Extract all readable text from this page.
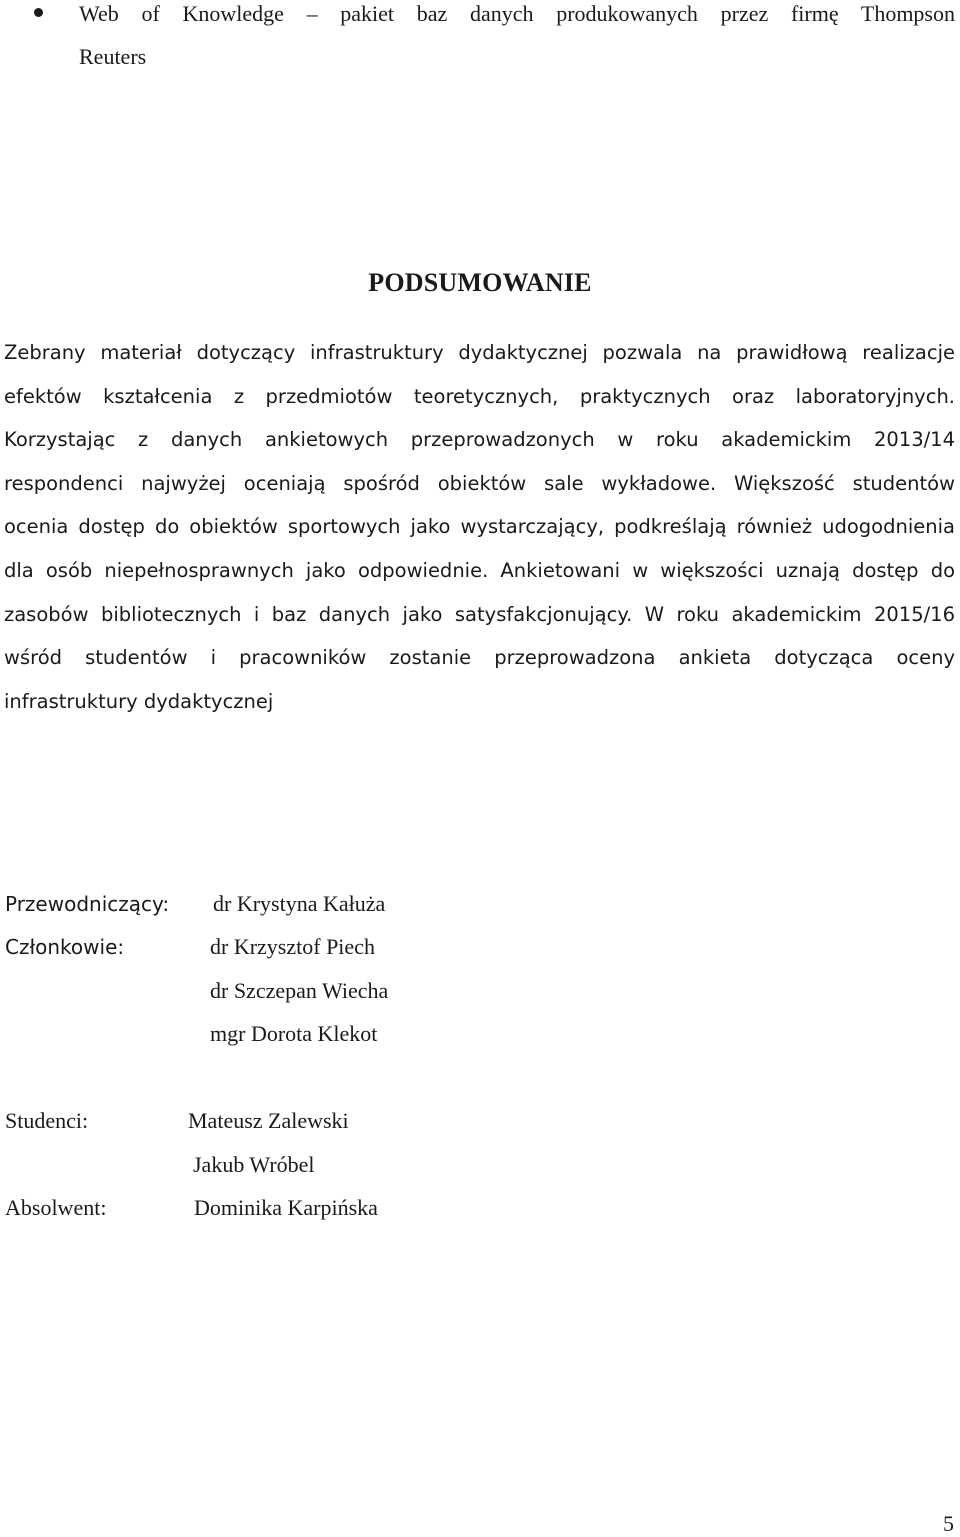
Web of Knowledge – pakiet baz danych produkowanych przez firmę Thompson
Reuters
PODSUMOWANIE
Zebrany materiał dotyczący infrastruktury dydaktycznej pozwala na prawidłową realizacje
efektów kształcenia z przedmiotów teoretycznych, praktycznych oraz laboratoryjnych.
Korzystając z danych ankietowych przeprowadzonych w roku akademickim 2013/14
respondenci najwyżej oceniają spośród obiektów sale wykładowe. Większość studentów
ocenia dostęp do obiektów sportowych jako wystarczający, podkreślają również udogodnienia
dla osób niepełnosprawnych jako odpowiednie. Ankietowani w większości uznają dostęp do
zasobów bibliotecznych i baz danych jako satysfakcjonujący. W roku akademickim 2015/16
wśród studentów i pracowników zostanie przeprowadzona ankieta dotycząca oceny
infrastruktury dydaktycznej
Przewodniczący: dr Krystyna Kałuża
Członkowie:	dr Krzysztof Piech
dr Szczepan Wiecha
mgr Dorota Klekot
Studenci:	Mateusz Zalewski
Jakub Wróbel
Absolwent:	Dominika Karpińska
5
